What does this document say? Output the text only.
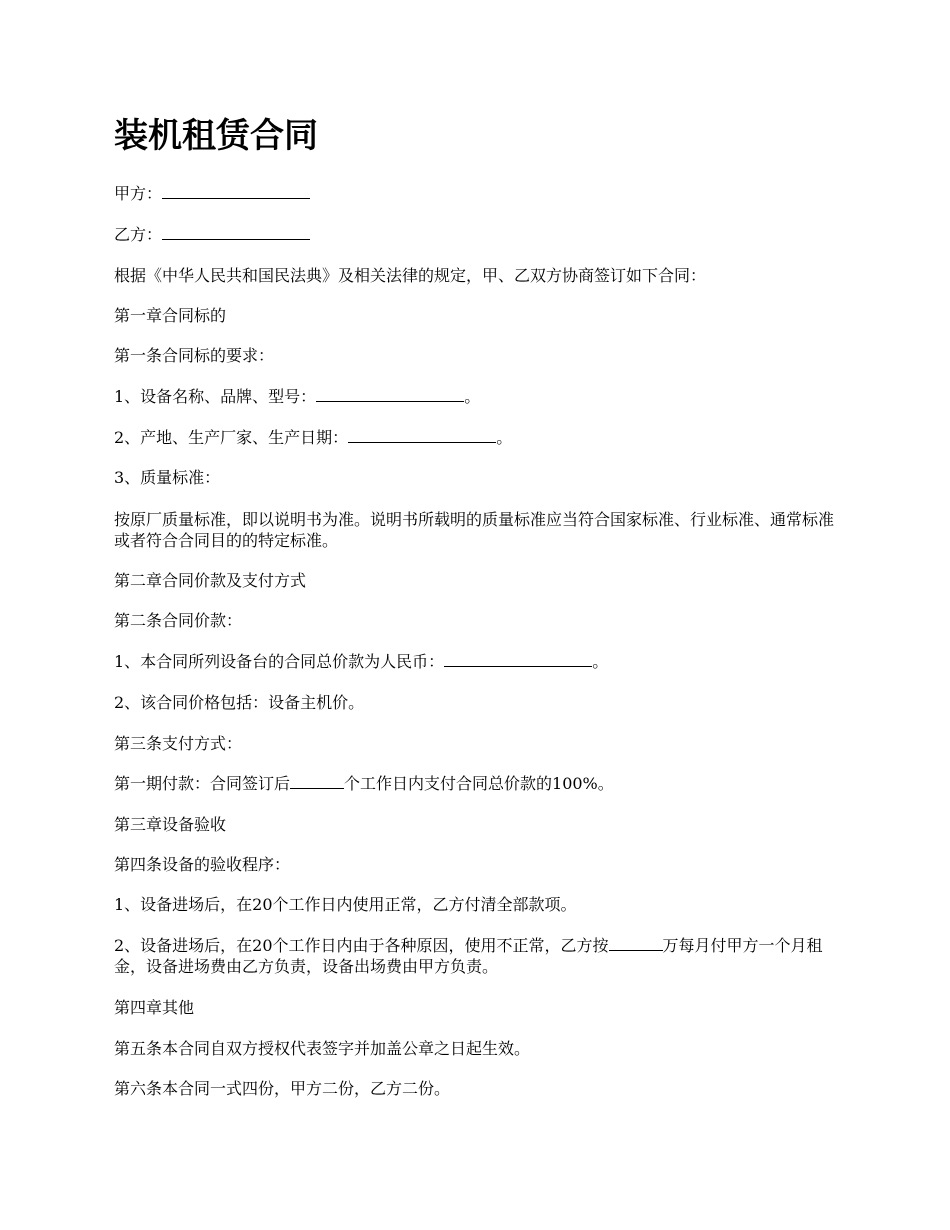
装机租赁合同

甲方：

乙方：

根据《中华人民共和国民法典》及相关法律的规定，甲、乙双方协商签订如下合同：

第一章合同标的

第一条合同标的要求：

1、设备名称、品牌、型号：	。

2、产地、生产厂家、生产日期：	。

3、质量标准：

按原厂质量标准，即以说明书为准。说明书所载明的质量标准应当符合国家标准、行业标准、通常标准或者符合合同目的的特定标准。

第二章合同价款及支付方式

第二条合同价款：

1、本合同所列设备台的合同总价款为人民币：	。

2、该合同价格包括：设备主机价。

第三条支付方式：

第一期付款：合同签订后	个工作日内支付合同总价款的100%。

第三章设备验收

第四条设备的验收程序：

1、设备进场后，在20个工作日内使用正常，乙方付清全部款项。

2、设备进场后，在20个工作日内由于各种原因，使用不正常，乙方按	万每月付甲方一个月租金，设备进场费由乙方负责，设备出场费由甲方负责。

第四章其他

第五条本合同自双方授权代表签字并加盖公章之日起生效。

第六条本合同一式四份，甲方二份，乙方二份。
